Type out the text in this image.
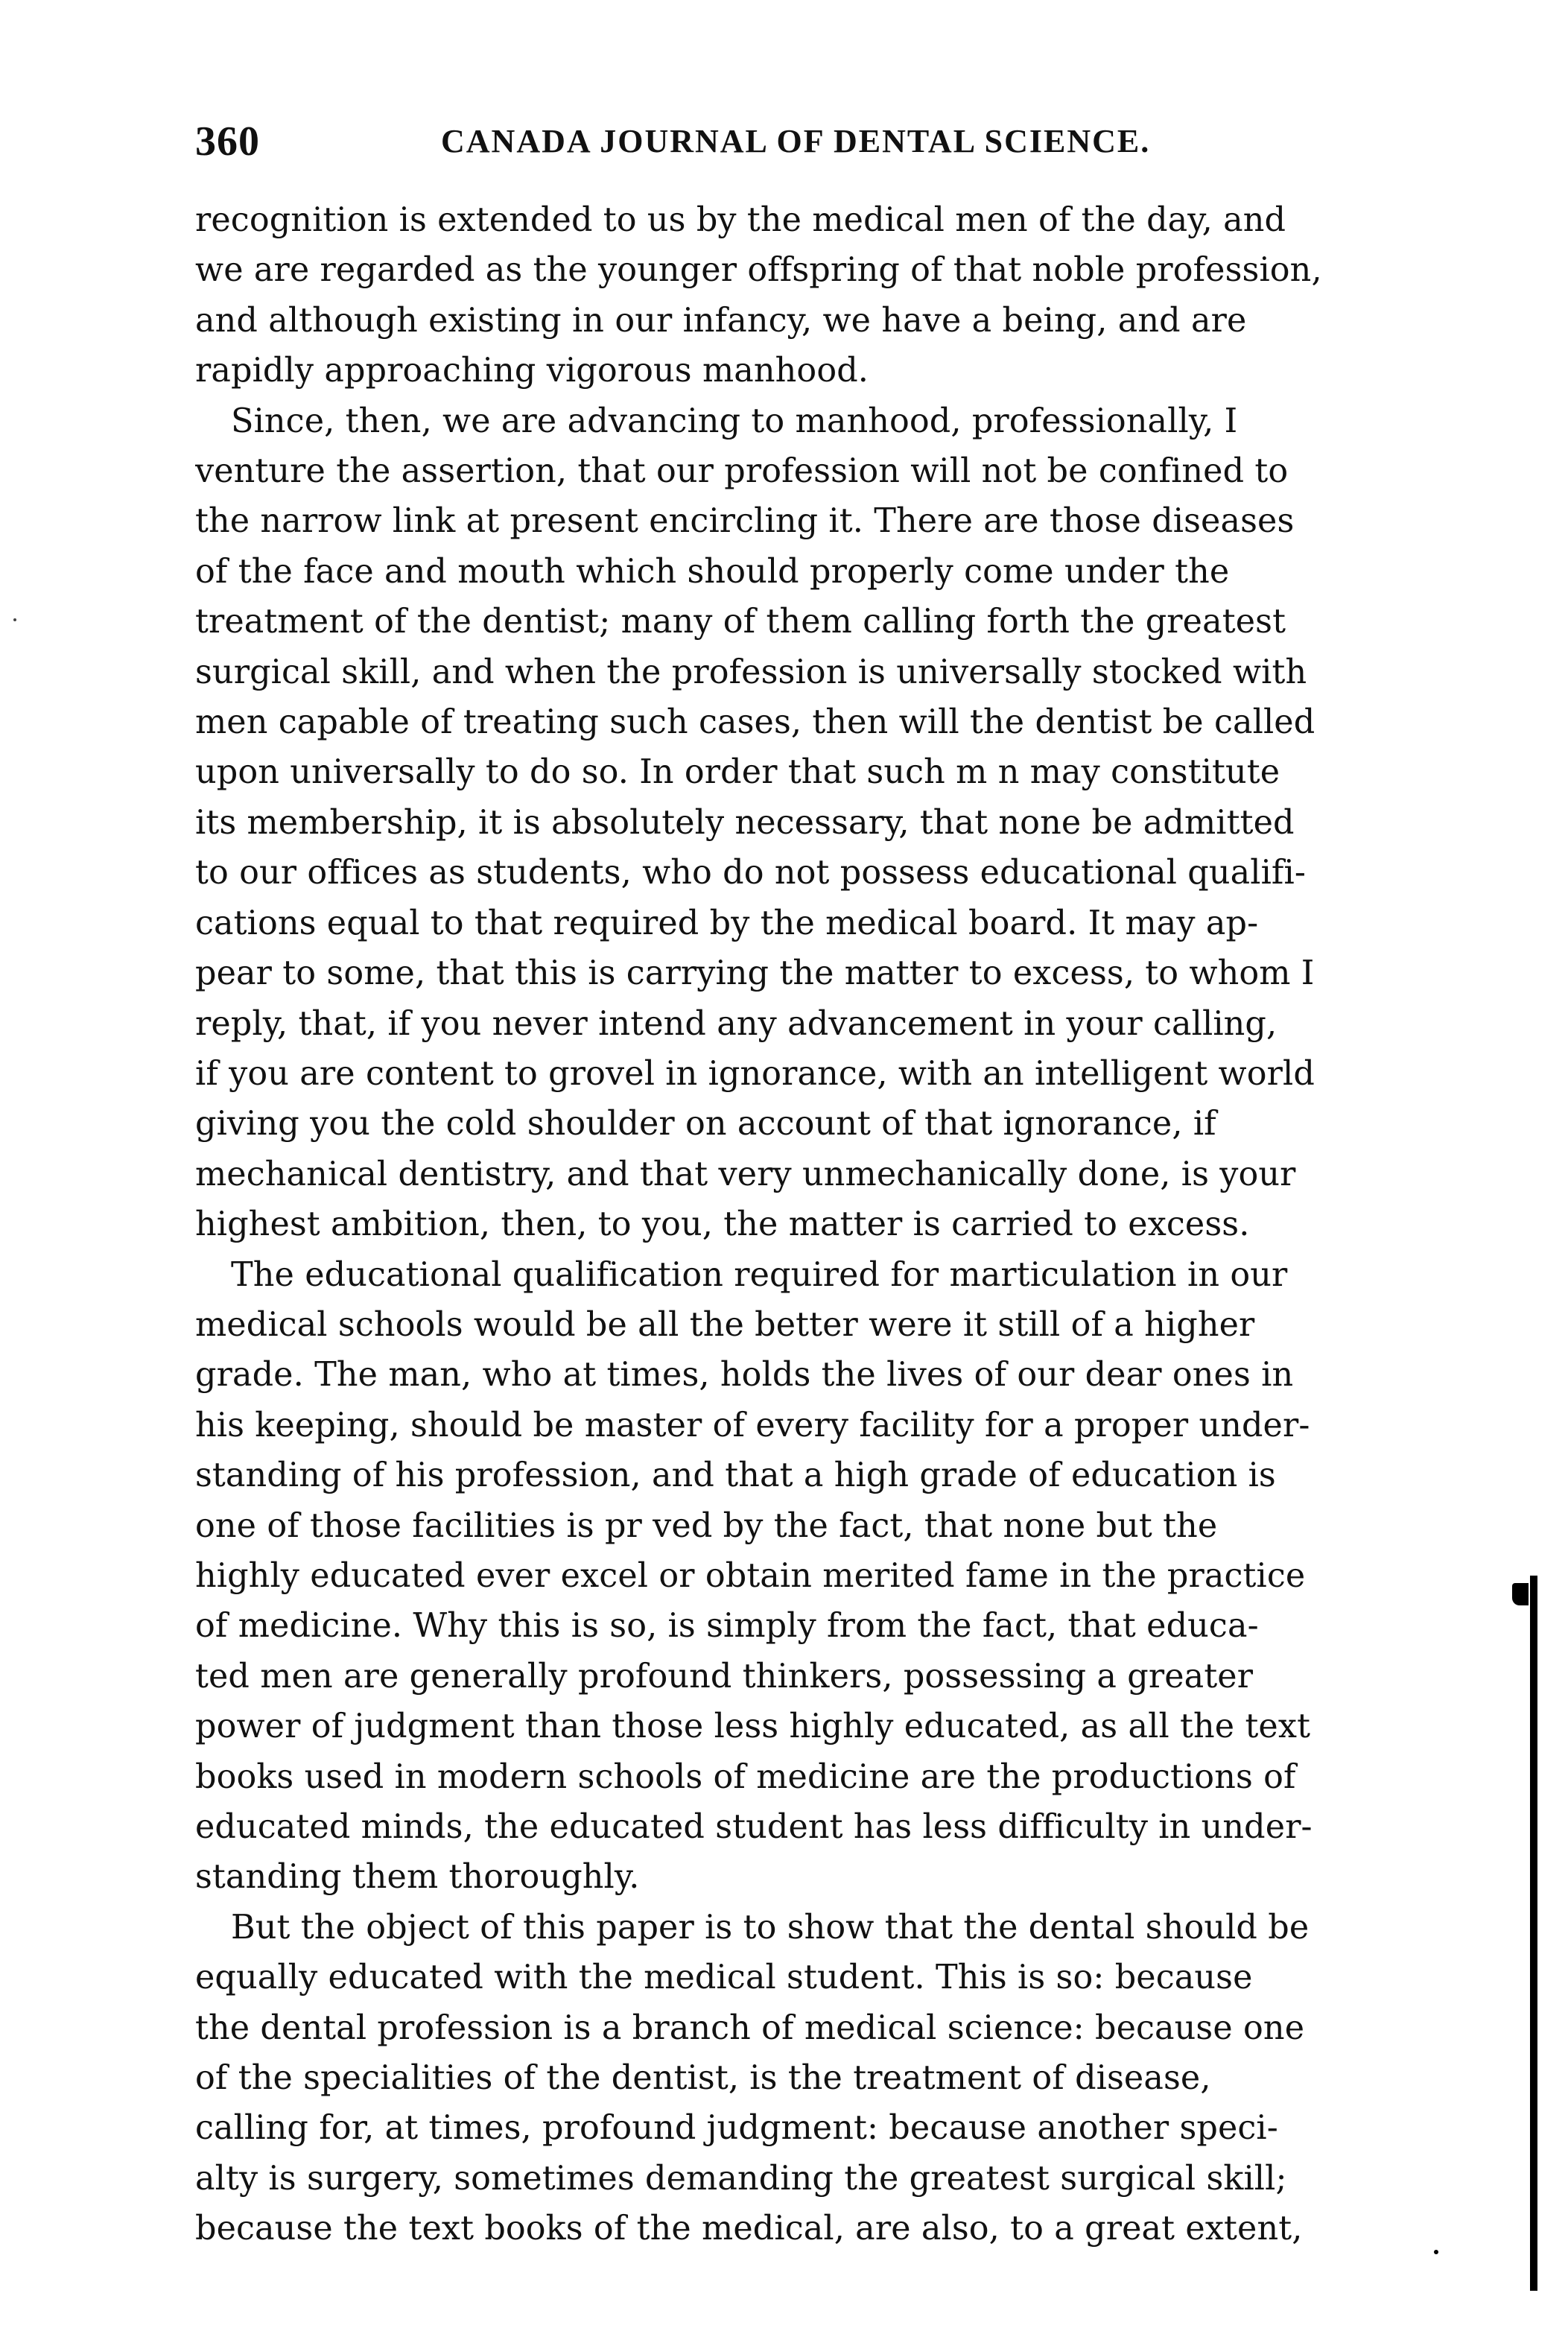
360	CANADA JOURNAL OF DENTAL SCIENCE.
recognition is extended to us by the medical men of the day, and
we are regarded as the younger offspring of that noble profession,
and although existing in our infancy, we have a being, and are
rapidly approaching vigorous manhood.
Since, then, we are advancing to manhood, professionally, I
venture the assertion, that our profession will not be confined to
the narrow link at present encircling it. There are those diseases
of the face and mouth which should properly come under the
treatment of the dentist; many of them calling forth the greatest
surgical skill, and when the profession is universally stocked with
men capable of treating such cases, then will the dentist be called
upon universally to do so. In order that such m n may constitute
its membership, it is absolutely necessary, that none be admitted
to our offices as students, who do not possess educational qualifi-
cations equal to that required by the medical board. It may ap-
pear to some, that this is carrying the matter to excess, to whom I
reply, that, if you never intend any advancement in your calling,
if you are content to grovel in ignorance, with an intelligent world
giving you the cold shoulder on account of that ignorance, if
mechanical dentistry, and that very unmechanically done, is your
highest ambition, then, to you, the matter is carried to excess.
The educational qualification required for marticulation in our
medical schools would be all the better were it still of a higher
grade. The man, who at times, holds the lives of our dear ones in
his keeping, should be master of every facility for a proper under-
standing of his profession, and that a high grade of education is
one of those facilities is pr ved by the fact, that none but the
highly educated ever excel or obtain merited fame in the practice
of medicine. Why this is so, is simply from the fact, that educa-
ted men are generally profound thinkers, possessing a greater
power of judgment than those less highly educated, as all the text
books used in modern schools of medicine are the productions of
educated minds, the educated student has less difficulty in under-
standing them thoroughly.
But the object of this paper is to show that the dental should be
equally educated with the medical student. This is so: because
the dental profession is a branch of medical science: because one
of the specialities of the dentist, is the treatment of disease,
calling for, at times, profound judgment: because another speci-
alty is surgery, sometimes demanding the greatest surgical skill;
because the text books of the medical, are also, to a great extent,
